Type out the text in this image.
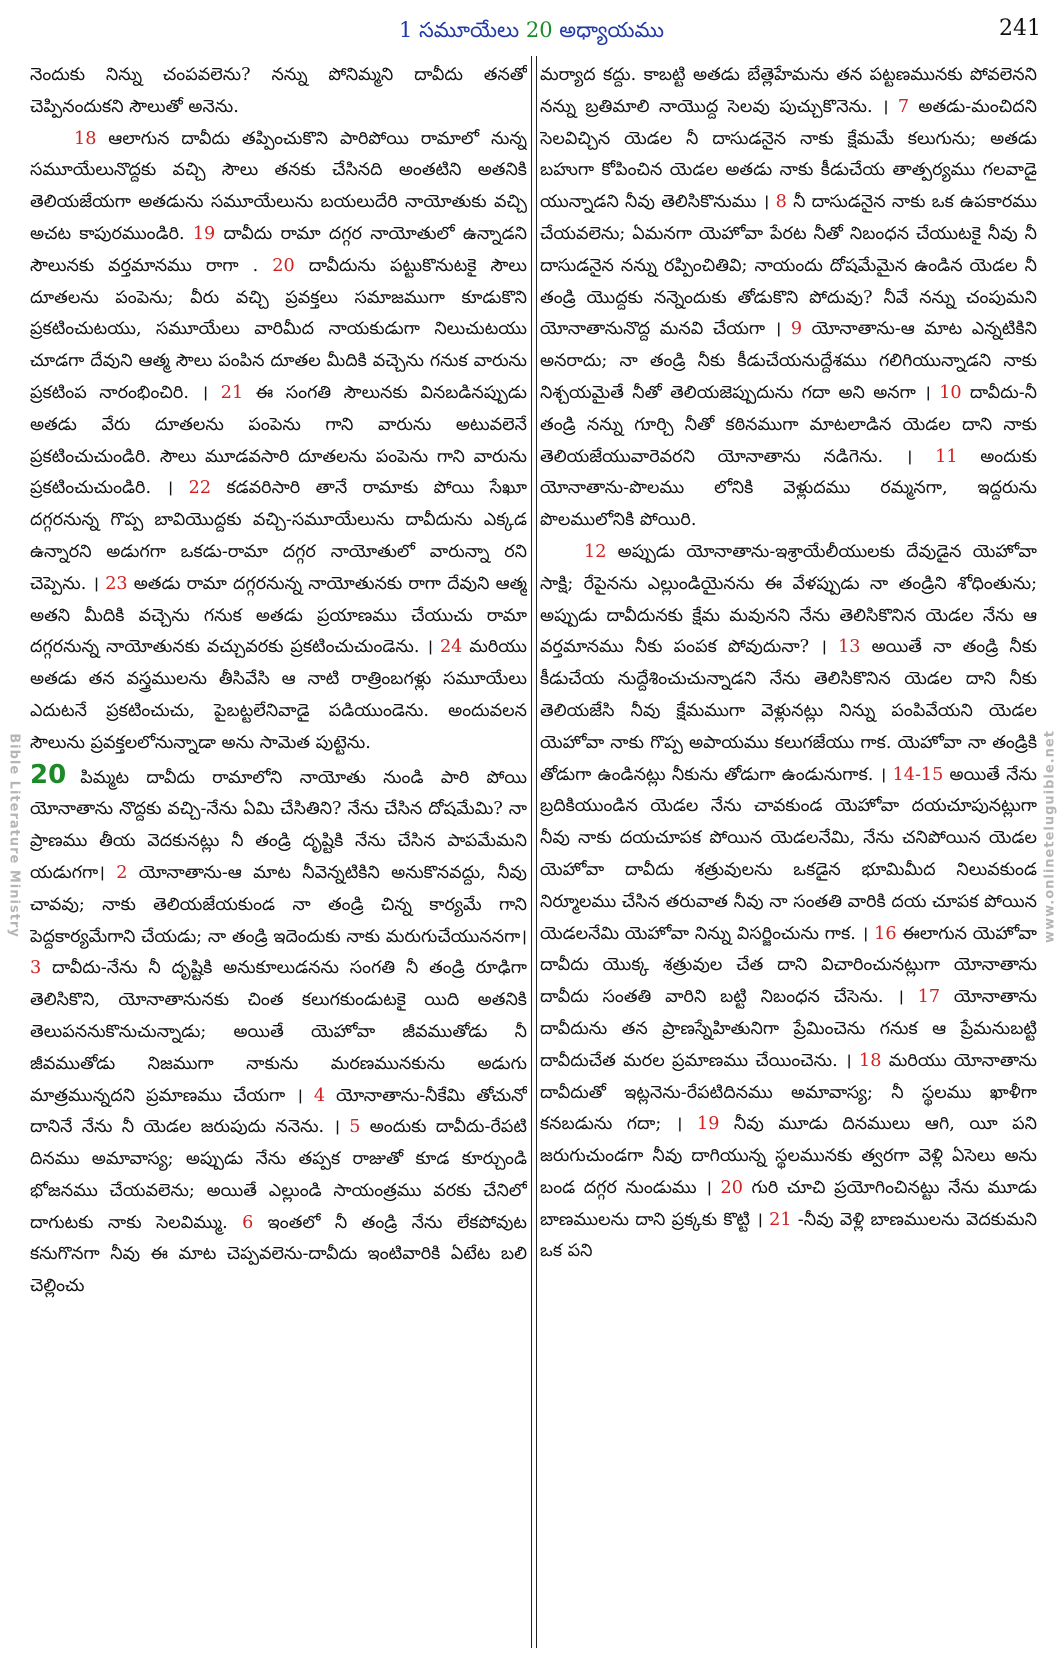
1 సమూయేలు 20 అధ్యాయము	241
Bible Literature Ministry	www.onlineteluguible.net

నెందుకు నిన్ను చంపవలెను? నన్ను పోనిమ్మని దావీదు తనతో చెప్పినందుకని సౌలుతో అనెను.

18 ఆలాగున దావీదు తప్పించుకొని పారిపోయి రామాలో నున్న సమూయేలునొద్దకు వచ్చి సౌలు తనకు చేసినది అంతటిని అతనికి తెలియజేయగా అతడును సమూయేలును బయలుదేరి నాయోతుకు వచ్చి అచట కాపురముండిరి. 19 దావీదు రామా దగ్గర నాయోతులో ఉన్నాడని సౌలునకు వర్తమానము రాగా . 20 దావీదును పట్టుకొనుటకై సౌలు దూతలను పంపెను; వీరు వచ్చి ప్రవక్తలు సమాజముగా కూడుకొని ప్రకటించుటయు, సమూయేలు వారిమీద నాయకుడుగా నిలుచుటయు చూడగా దేవుని ఆత్మ సౌలు పంపిన దూతల మీదికి వచ్చెను గనుక వారును ప్రకటింప నారంభించిరి. । 21 ఈ సంగతి సౌలునకు వినబడినప్పుడు అతడు వేరు దూతలను పంపెను గాని వారును అటువలెనే ప్రకటించుచుండిరి. సౌలు మూడవసారి దూతలను పంపెను గాని వారును ప్రకటించుచుండిరి. । 22 కడవరిసారి తానే రామాకు పోయి సేఖూ దగ్గరనున్న గొప్ప బావియొద్దకు వచ్చి-సమూయేలును దావీదును ఎక్కడ ఉన్నారని అడుగగా ఒకడు-రామా దగ్గర నాయోతులో వారున్నా రని చెప్పెను. । 23 అతడు రామా దగ్గరనున్న నాయోతునకు రాగా దేవుని ఆత్మ అతని మీదికి వచ్చెను గనుక అతడు ప్రయాణము చేయుచు రామా దగ్గరనున్న నాయోతునకు వచ్చువరకు ప్రకటించుచుండెను. । 24 మరియు అతడు తన వస్త్రములను తీసివేసి ఆ నాటి రాత్రింబగళ్లు సమూయేలు ఎదుటనే ప్రకటించుచు, పైబట్టలేనివాడై పడియుండెను. అందువలన సౌలును ప్రవక్తలలోనున్నాడా అను సామెత పుట్టెను.

20 పిమ్మట దావీదు రామాలోని నాయోతు నుండి పారి పోయి యోనాతాను నొద్దకు వచ్చి-నేను ఏమి చేసితిని? నేను చేసిన దోషమేమి? నా ప్రాణము తీయ వెదకునట్లు నీ తండ్రి దృష్టికి నేను చేసిన పాపమేమని యడుగగా। 2 యోనాతాను-ఆ మాట నీవెన్నటికిని అనుకొనవద్దు, నీవు చావవు; నాకు తెలియజేయకుండ నా తండ్రి చిన్న కార్యమే గాని పెద్దకార్యమేగాని చేయడు; నా తండ్రి ఇదెందుకు నాకు మరుగుచేయుననగా। 3 దావీదు-నేను నీ దృష్టికి అనుకూలుడనను సంగతి నీ తండ్రి రూఢిగా తెలిసికొని, యోనాతానునకు చింత కలుగకుండుటకై యిది అతనికి తెలుపననుకొనుచున్నాడు; అయితే యెహోవా జీవముతోడు నీ జీవముతోడు నిజముగా నాకును మరణమునకును అడుగు మాత్రమున్నదని ప్రమాణము చేయగా । 4 యోనాతాను-నీకేమి తోచునో దానినే నేను నీ యెడల జరుపుదు ననెను. । 5 అందుకు దావీదు-రేపటి దినము అమావాస్య; అప్పుడు నేను తప్పక రాజుతో కూడ కూర్చుండి భోజనము చేయవలెను; అయితే ఎల్లుండి సాయంత్రము వరకు చేనిలో దాగుటకు నాకు సెలవిమ్ము. 6 ఇంతలో నీ తండ్రి నేను లేకపోవుట కనుగొనగా నీవు ఈ మాట చెప్పవలెను-దావీదు ఇంటివారికి ఏటేట బలి చెల్లించు

మర్యాద కద్దు. కాబట్టి అతడు బేత్లెహేమను తన పట్టణమునకు పోవలెనని నన్ను బ్రతిమాలి నాయొద్ద సెలవు పుచ్చుకొనెను. । 7 అతడు-మంచిదని సెలవిచ్చిన యెడల నీ దాసుడనైన నాకు క్షేమమే కలుగును; అతడు బహుగా కోపించిన యెడల అతడు నాకు కీడుచేయ తాత్పర్యము గలవాడై యున్నాడని నీవు తెలిసికొనుము । 8 నీ దాసుడనైన నాకు ఒక ఉపకారము చేయవలెను; ఏమనగా యెహోవా పేరట నీతో నిబంధన చేయుటకై నీవు నీ దాసుడనైన నన్ను రప్పించితివి; నాయందు దోషమేమైన ఉండిన యెడల నీ తండ్రి యొద్దకు నన్నెందుకు తోడుకొని పోదువు? నీవే నన్ను చంపుమని యోనాతానునొద్ద మనవి చేయగా । 9 యోనాతాను-ఆ మాట ఎన్నటికిని అనరాదు; నా తండ్రి నీకు కీడుచేయనుద్దేశము గలిగియున్నాడని నాకు నిశ్చయమైతే నీతో తెలియజెప్పుదును గదా అని అనగా । 10 దావీదు-నీ తండ్రి నన్ను గూర్చి నీతో కఠినముగా మాటలాడిన యెడల దాని నాకు తెలియజేయువారెవరని యోనాతాను నడిగెను. । 11 అందుకు యోనాతాను-పొలము లోనికి వెళ్లుదము రమ్మనగా, ఇద్దరును పొలములోనికి పోయిరి.

12 అప్పుడు యోనాతాను-ఇశ్రాయేలీయులకు దేవుడైన యెహోవా సాక్షి; రేపైనను ఎల్లుండియైనను ఈ వేళప్పుడు నా తండ్రిని శోధింతును; అప్పుడు దావీదునకు క్షేమ మవునని నేను తెలిసికొనిన యెడల నేను ఆ వర్తమానము నీకు పంపక పోవుదునా? । 13 అయితే నా తండ్రి నీకు కీడుచేయ నుద్దేశించుచున్నాడని నేను తెలిసికొనిన యెడల దాని నీకు తెలియజేసి నీవు క్షేమముగా వెళ్లునట్లు నిన్ను పంపివేయని యెడల యెహోవా నాకు గొప్ప అపాయము కలుగజేయు గాక. యెహోవా నా తండ్రికి తోడుగా ఉండినట్లు నీకును తోడుగా ఉండునుగాక. । 14-15 అయితే నేను బ్రదికియుండిన యెడల నేను చావకుండ యెహోవా దయచూపునట్లుగా నీవు నాకు దయచూపక పోయిన యెడలనేమి, నేను చనిపోయిన యెడల యెహోవా దావీదు శత్రువులను ఒకడైన భూమిమీద నిలువకుండ నిర్మూలము చేసిన తరువాత నీవు నా సంతతి వారికి దయ చూపక పోయిన యెడలనేమి యెహోవా నిన్ను విసర్జించును గాక. । 16 ఈలాగున యెహోవా దావీదు యొక్క శత్రువుల చేత దాని విచారించునట్లుగా యోనాతాను దావీదు సంతతి వారిని బట్టి నిబంధన చేసెను. । 17 యోనాతాను దావీదును తన ప్రాణస్నేహితునిగా ప్రేమించెను గనుక ఆ ప్రేమనుబట్టి దావీదుచేత మరల ప్రమాణము చేయించెను. । 18 మరియు యోనాతాను దావీదుతో ఇట్లనెను-రేపటిదినము అమావాస్య; నీ స్థలము ఖాళీగా కనబడును గదా; । 19 నీవు మూడు దినములు ఆగి, యీ పని జరుగుచుండగా నీవు దాగియున్న స్థలమునకు త్వరగా వెళ్లి ఏసెలు అను బండ దగ్గర నుండుము । 20 గురి చూచి ప్రయోగించినట్టు నేను మూడు బాణములను దాని ప్రక్కకు కొట్టి । 21 -నీవు వెళ్లి బాణములను వెదకుమని ఒక పని
